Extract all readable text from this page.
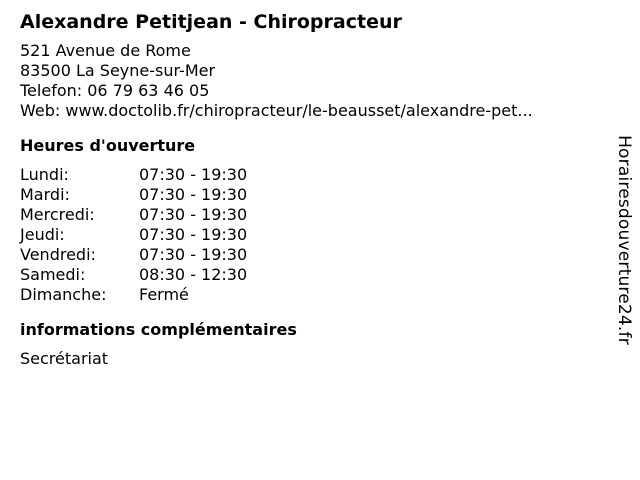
Alexandre Petitjean - Chiropracteur
521 Avenue de Rome
83500 La Seyne-sur-Mer
Telefon: 06 79 63 46 05
Web: www.doctolib.fr/chiropracteur/le-beausset/alexandre-pet...
Heures d'ouverture
Lundi:	07:30 - 19:30
Mardi:	07:30 - 19:30
Mercredi:	07:30 - 19:30
Jeudi:	07:30 - 19:30
Vendredi:	07:30 - 19:30
Samedi:	08:30 - 12:30
Dimanche:	Fermé
informations complémentaires
Secrétariat
Horairesdouverture24.fr
